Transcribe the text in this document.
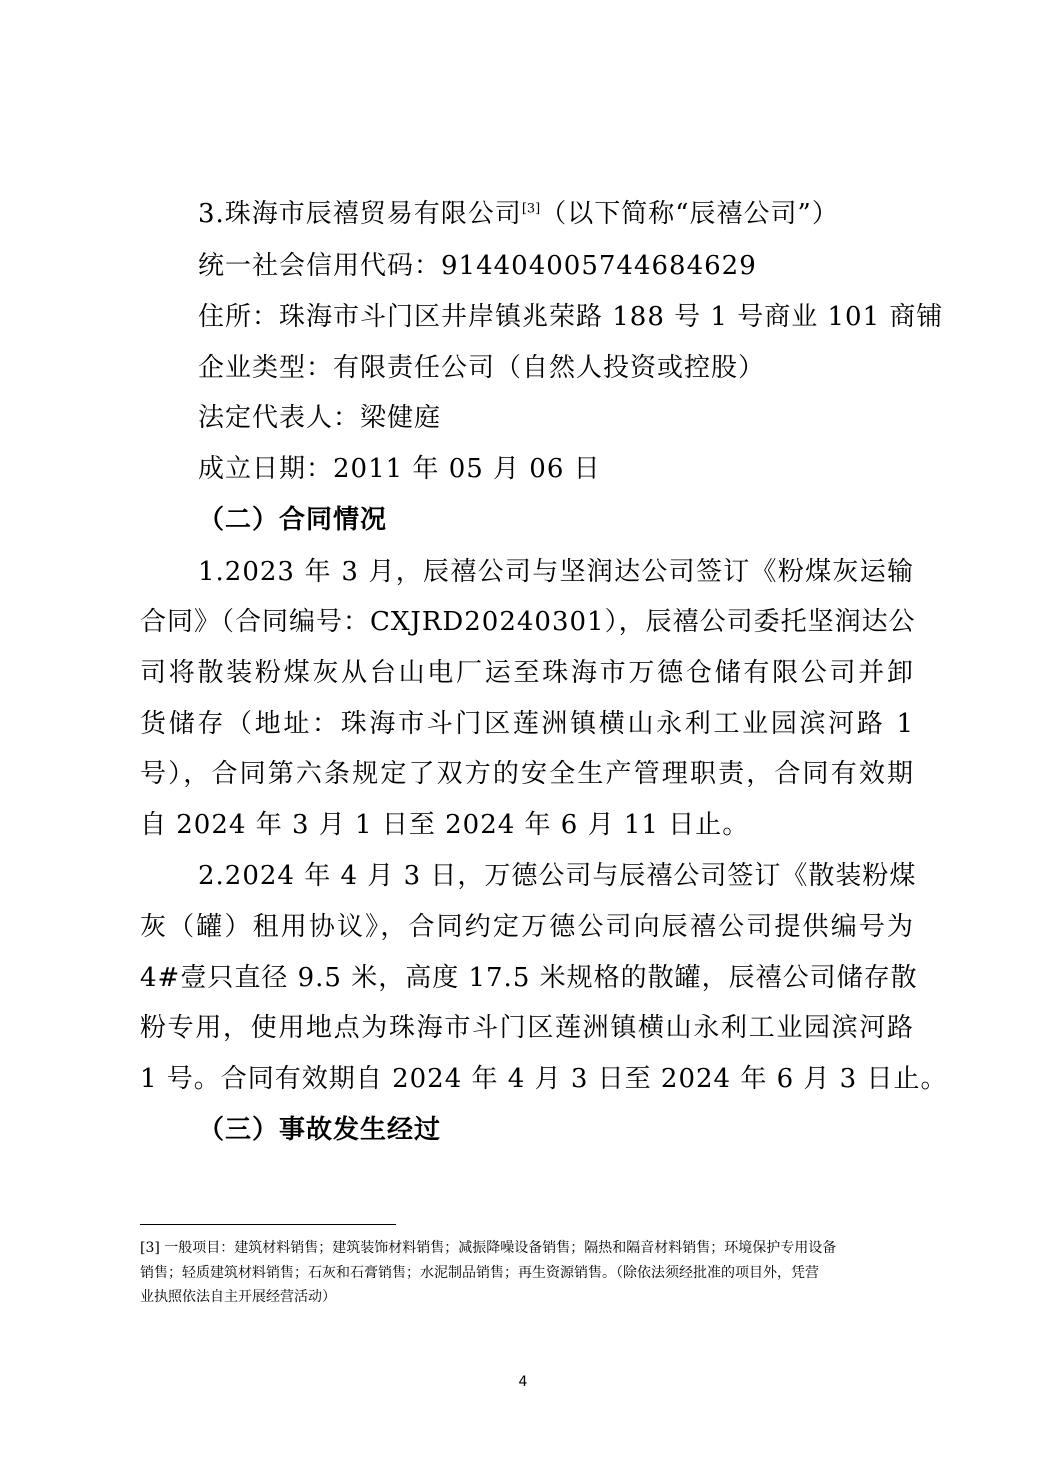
3.珠海市辰禧贸易有限公司[3]（以下简称“辰禧公司”）
统一社会信用代码：914404005744684629
住所：珠海市斗门区井岸镇兆荣路 188 号 1 号商业 101 商铺
企业类型：有限责任公司（自然人投资或控股）
法定代表人：梁健庭
成立日期：2011 年 05 月 06 日
（二）合同情况
1.2023 年 3 月，辰禧公司与坚润达公司签订《粉煤灰运输
合同》（合同编号：CXJRD20240301），辰禧公司委托坚润达公
司将散装粉煤灰从台山电厂运至珠海市万德仓储有限公司并卸
货储存（地址：珠海市斗门区莲洲镇横山永利工业园滨河路 1
号），合同第六条规定了双方的安全生产管理职责，合同有效期
自 2024 年 3 月 1 日至 2024 年 6 月 11 日止。
2.2024 年 4 月 3 日，万德公司与辰禧公司签订《散装粉煤
灰（罐）租用协议》，合同约定万德公司向辰禧公司提供编号为
4#壹只直径 9.5 米，高度 17.5 米规格的散罐，辰禧公司储存散
粉专用，使用地点为珠海市斗门区莲洲镇横山永利工业园滨河路
1 号。合同有效期自 2024 年 4 月 3 日至 2024 年 6 月 3 日止。
（三）事故发生经过
[3] 一般项目：建筑材料销售；建筑装饰材料销售；减振降噪设备销售；隔热和隔音材料销售；环境保护专用设备
销售；轻质建筑材料销售；石灰和石膏销售；水泥制品销售；再生资源销售。（除依法须经批准的项目外，凭营
业执照依法自主开展经营活动）
4
